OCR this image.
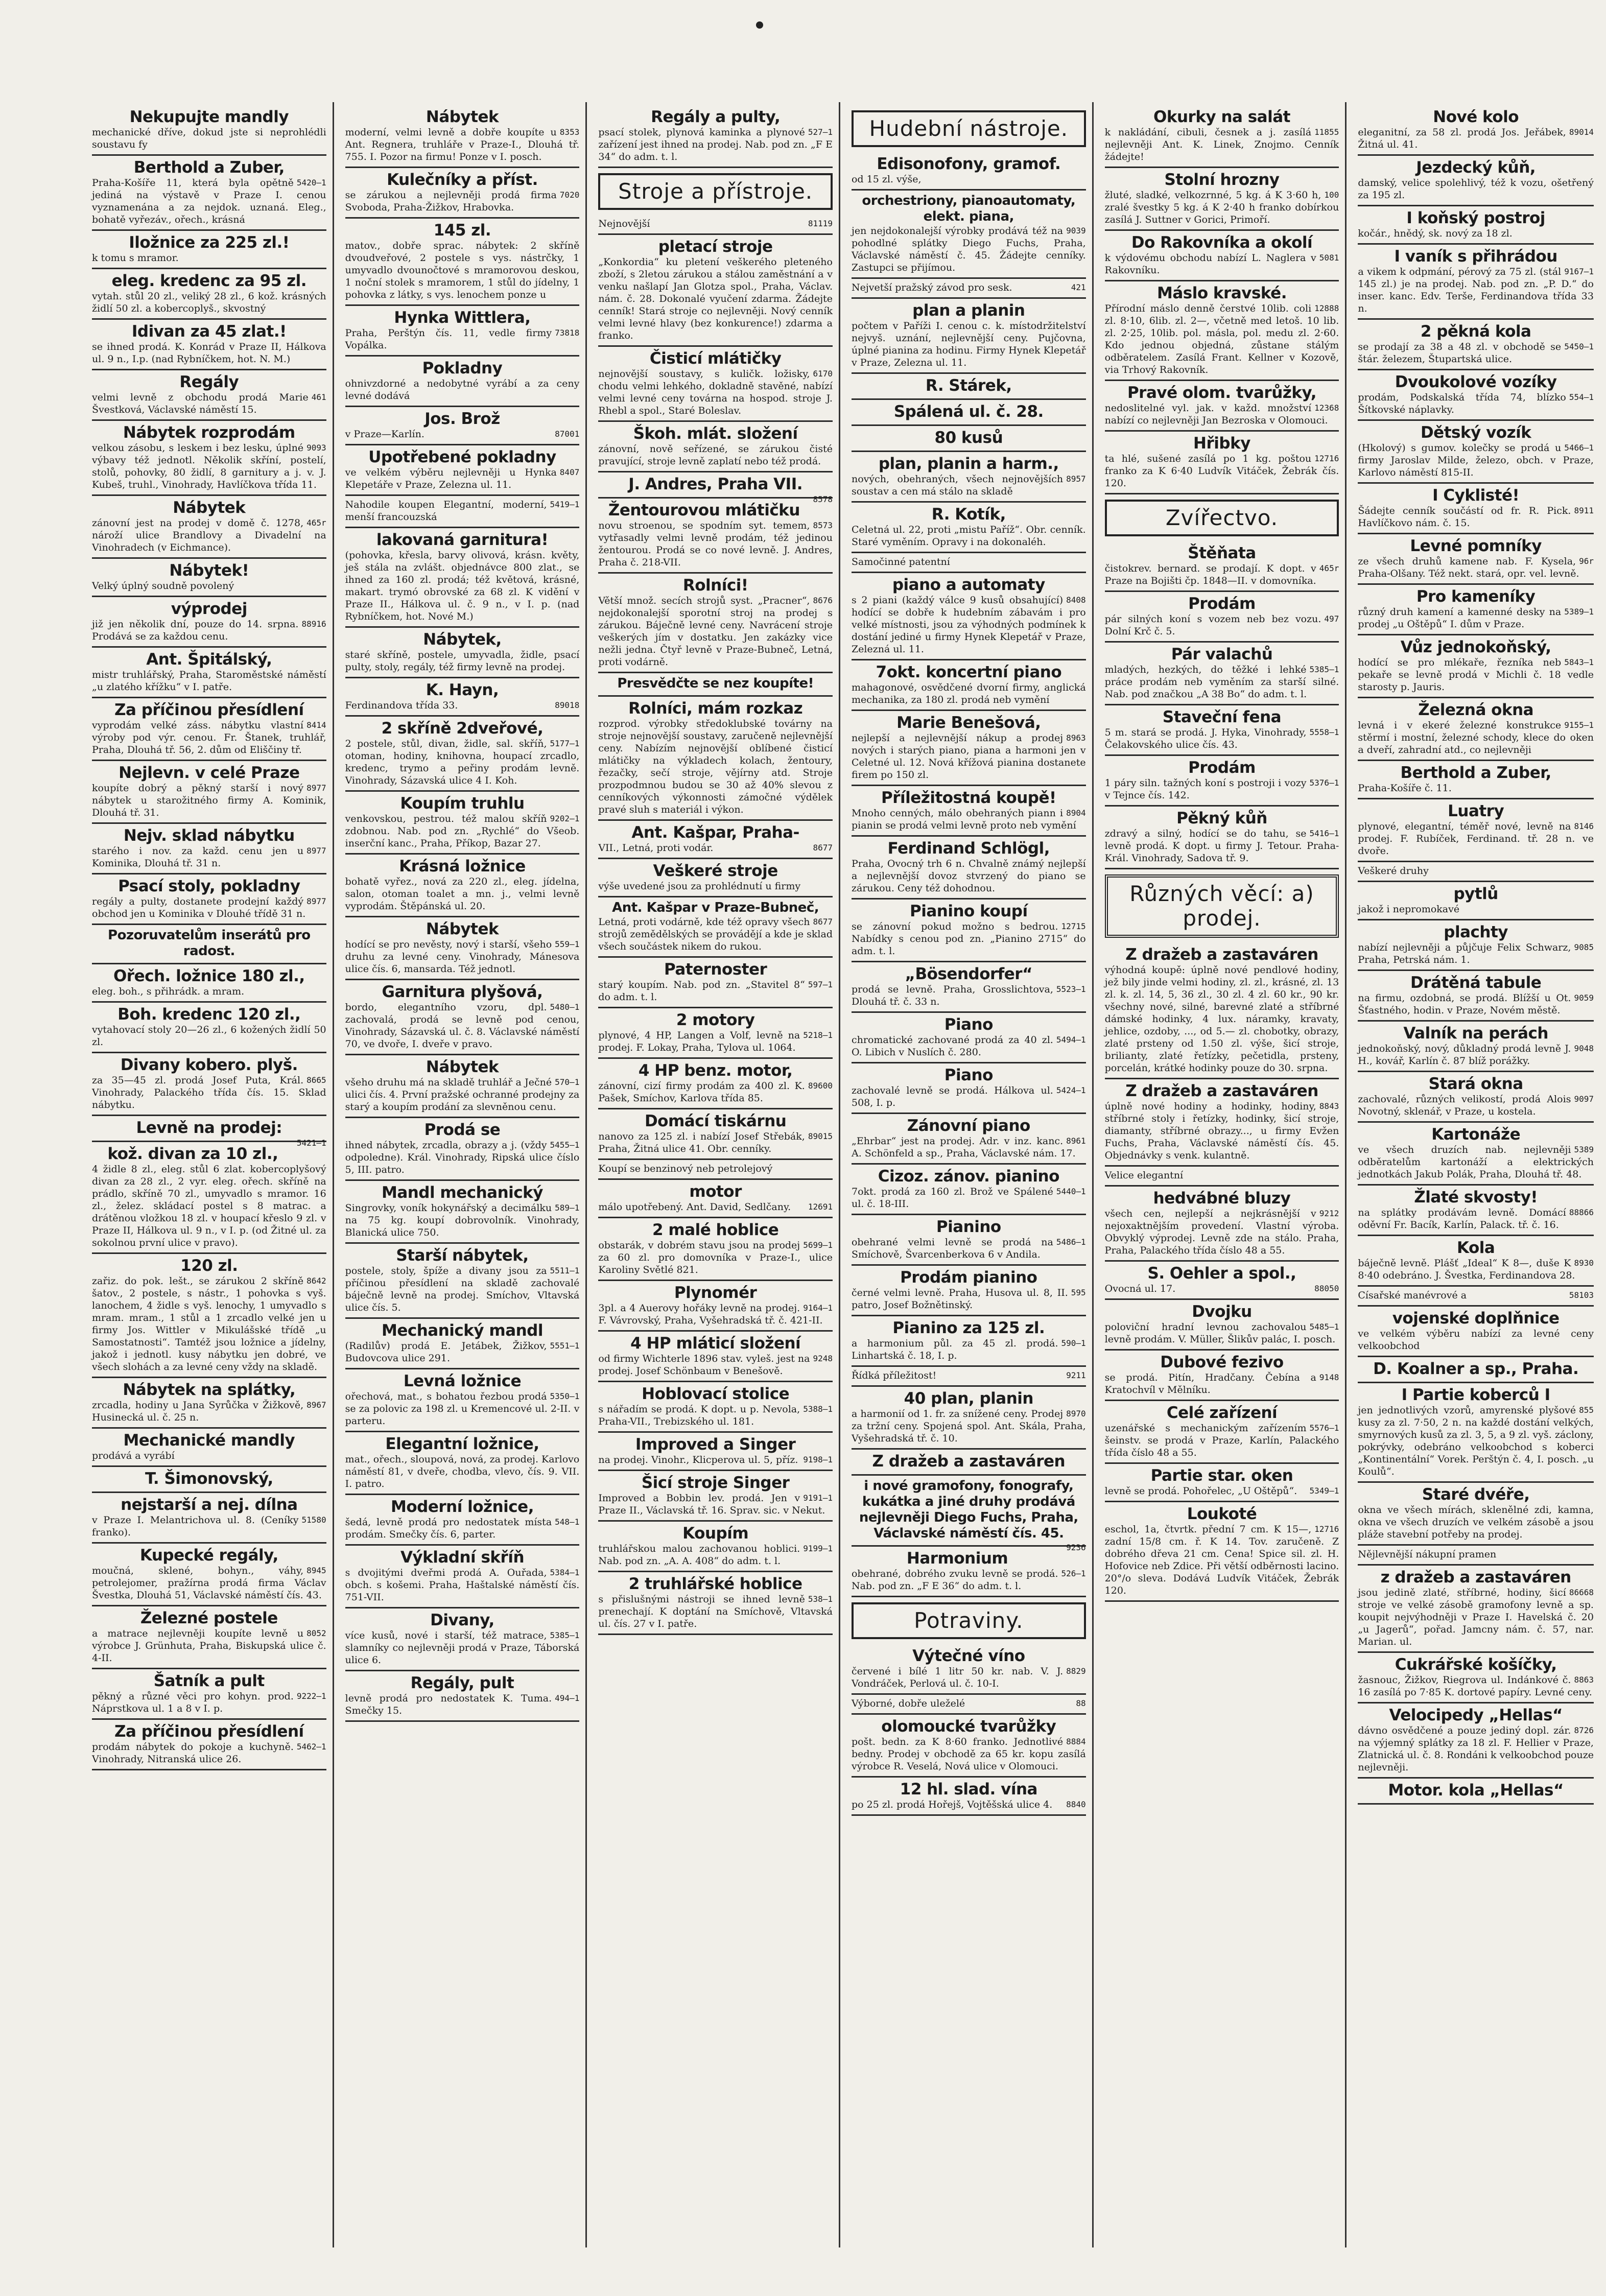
Nekupujte mandly
mechanické dříve, dokud jste si neprohlédli soustavu fy
Berthold a Zuber,
5420—1
Praha-Košíře 11, která byla opětně jediná na výstavě v Praze I. cenou vyznamenána a za nejdok. uznaná. Eleg., bohatě vyřezáv., ořech., krásná
Iložnice za 225 zl.!
k tomu s mramor.
eleg. kredenc za 95 zl.
vytah. stůl 20 zl., veliký 28 zl., 6 kož. krásných židlí 50 zl. a kobercoplyš., skvostný
Idivan za 45 zlat.!
se ihned prodá. K. Konrád v Praze II, Hálkova ul. 9 n., I.p. (nad Rybníčkem, hot. N. M.)
Regály
461
velmi levně z obchodu prodá Marie Švestková, Václavské náměstí 15.
Nábytek rozprodám
9093
velkou zásobu, s leskem i bez lesku, úplné výbavy též jednotl. Několik skříní, postelí, stolů, pohovky, 80 židlí, 8 garnitury a j. v. J. Kubeš, truhl., Vinohrady, Havlíčkova třída 11.
Nábytek
465r
zánovní jest na prodej v domě č. 1278, nároží ulice Brandlovy a Divadelní na Vinohradech (v Eichmance).
Nábytek!
Velký úplný soudně povolený
výprodej
88916
již jen několik dní, pouze do 14. srpna. Prodává se za každou cenu.
Ant. Špitálský,
mistr truhlářský, Praha, Staroměstské náměstí „u zlatého křížku“ v I. patře.
Za příčinou přesídlení
8414
vyprodám velké záss. nábytku vlastní výroby pod výr. cenou. Fr. Štanek, truhlář, Praha, Dlouhá tř. 56, 2. dům od Eliščiny tř.
Nejlevn. v celé Praze
8977
koupíte dobrý a pěkný starší i nový nábytek u starožitného firmy A. Kominik, Dlouhá tř. 31.
Nejv. sklad nábytku
8977
starého i nov. za každ. cenu jen u Kominika, Dlouhá tř. 31 n.
Psací stoly, pokladny
8977
regály a pulty, dostanete prodejní každý obchod jen u Kominika v Dlouhé třídě 31 n.
Pozoruvatelům inserátů pro radost.
Ořech. ložnice 180 zl.,
eleg. boh., s přihrádk. a mram.
Boh. kredenc 120 zl.,
vytahovací stoly 20—26 zl., 6 kožených židlí 50 zl.
Divany kobero. plyš.
8665
za 35—45 zl. prodá Josef Puta, Král. Vinohrady, Palackého třída čís. 15. Sklad nábytku.
Levně na prodej:
5421—1
kož. divan za 10 zl.,
4 židle 8 zl., eleg. stůl 6 zlat. kobercoplyšový divan za 28 zl., 2 vyr. eleg. ořech. skříně na prádlo, skříně 70 zl., umyvadlo s mramor. 16 zl., želez. skládací postel s 8 matrac. a drátěnou vložkou 18 zl. v houpací křeslo 9 zl. v Praze II, Hálkova ul. 9 n., v I. p. (od Žitné ul. za sokolnou první ulice v pravo).
120 zl.
8642
zařiz. do pok. lešt., se zárukou 2 skříně šatov., 2 postele, s nástr., 1 pohovka s vyš. lanochem, 4 židle s vyš. lenochy, 1 umyvadlo s mram. mram., 1 stůl a 1 zrcadlo velké jen u firmy Jos. Wittler v Mikulášské třídě „u Samostatnosti“. Tamtéž jsou ložnice a jídelny, jakož i jednotl. kusy nábytku jen dobré, ve všech slohách a za levné ceny vždy na skladě.
Nábytek na splátky,
8967
zrcadla, hodiny u Jana Syrůčka v Žižkově, Husinecká ul. č. 25 n.
Mechanické mandly
prodává a vyrábí
T. Šimonovský,
nejstarší a nej. dílna
51580
v Praze I. Melantrichova ul. 8. (Ceníky franko).
Kupecké regály,
8945
moučná, sklené, bohyn., váhy, petrolejomer, pražírna prodá firma Václav Švestka, Dlouhá 51, Václavské náměstí čís. 43.
Železné postele
8052
a matrace nejlevněji koupíte levně u výrobce J. Grünhuta, Praha, Biskupská ulice č. 4-II.
Šatník a pult
9222—1
pěkný a různé věci pro kohyn. prod. Náprstkova ul. 1 a 8 v I. p.
Za příčinou přesídlení
5462—1
prodám nábytek do pokoje a kuchyně. Vinohrady, Nitranská ulice 26.
Nábytek
8353
moderní, velmi levně a dobře koupíte u Ant. Regnera, truhláře v Praze-I., Dlouhá tř. 755. I. Pozor na firmu! Ponze v I. posch.
Kulečníky a příst.
7020
se zárukou a nejlevněji prodá firma Svoboda, Praha-Žižkov, Hrabovka.
145 zl.
matov., dobře sprac. nábytek: 2 skříně dvoudveřové, 2 postele s vys. nástrčky, 1 umyvadlo dvounočtové s mramorovou deskou, 1 noční stolek s mramorem, 1 stůl do jídelny, 1 pohovka z látky, s vys. lenochem ponze u
Hynka Wittlera,
73818
Praha, Perštýn čís. 11, vedle firmy Vopálka.
Pokladny
ohnivzdorné a nedobytné vyrábí a za ceny levné dodává
Jos. Brož
87001
v Praze—Karlín.
Upotřebené pokladny
8407
ve velkém výběru nejlevněji u Hynka Klepetáře v Praze, Zelezna ul. 11.
5419—1
Nahodile koupen Elegantní, moderní, menší francouzská
lakovaná garnitura!
(pohovka, křesla, barvy olivová, krásn. květy, ješ stála na zvlášt. objednávce 800 zlat., se ihned za 160 zl. prodá; též květová, krásné, makart. trymó obrovské za 68 zl. K vidění v Praze II., Hálkova ul. č. 9 n., v I. p. (nad Rybníčkem, hot. Nové M.)
Nábytek,
staré skříně, postele, umyvadla, židle, psací pulty, stoly, regály, též firmy levně na prodej.
K. Hayn,
89018
Ferdinandova třída 33.
2 skříně 2dveřové,
5177—1
2 postele, stůl, divan, židle, sal. skříň, otoman, hodiny, knihovna, houpací zrcadlo, kredenc, trymo a peřiny prodám levně. Vinohrady, Sázavská ulice 4 I. Koh.
Koupím truhlu
9202—1
venkovskou, pestrou. též malou skříň zdobnou. Nab. pod zn. „Rychlé“ do Všeob. inserční kanc., Praha, Příkop, Bazar 27.
Krásná ložnice
bohatě vyřez., nová za 220 zl., eleg. jídelna, salon, otoman toalet a mn. j., velmi levně vyprodám. Štěpánská ul. 20.
Nábytek
559—1
hodící se pro nevěsty, nový i starší, všeho druhu za levné ceny. Vinohrady, Mánesova ulice čís. 6, mansarda. Též jednotl.
Garnitura plyšová,
5480—1
bordo, elegantního vzoru, dpl. zachovalá, prodá se levně pod cenou, Vinohrady, Sázavská ul. č. 8. Václavské náměstí 70, ve dvoře, I. dveře v pravo.
Nábytek
570—1
všeho druhu má na skladě truhlář a Ječné ulici čís. 4. První pražské ochranné prodejny za starý a koupím prodání za slevněnou cenu.
Prodá se
5455—1
ihned nábytek, zrcadla, obrazy a j. (vždy odpoledne). Král. Vinohrady, Ripská ulice číslo 5, III. patro.
Mandl mechanický
589—1
Singrovky, voník hokynářský a decimálku na 75 kg. koupí dobrovolník. Vinohrady, Blanická ulice 750.
Starší nábytek,
5511—1
postele, stoly, špíže a divany jsou za příčinou přesídlení na skladě zachovalé báječně levně na prodej. Smíchov, Vltavská ulice čís. 5.
Mechanický mandl
5551—1
(Radilův) prodá E. Jetábek, Žižkov, Budovcova ulice 291.
Levná ložnice
5350—1
ořechová, mat., s bohatou řezbou prodá se za polovic za 198 zl. u Kremencové ul. 2-II. v parteru.
Elegantní ložnice,
mat., ořech., sloupová, nová, za prodej. Karlovo náměstí 81, v dveře, chodba, vlevo, čís. 9. VII. I. patro.
Moderní ložnice,
548—1
šedá, levně prodá pro nedostatek místa prodám. Smečky čís. 6, parter.
Výkladní skříň
5384—1
s dvojitými dveřmi prodá A. Ouřada, obch. s košemi. Praha, Haštalské náměstí čís. 751-VII.
Divany,
5385—1
více kusů, nové i starší, též matrace, slamníky co nejlevněji prodá v Praze, Táborská ulice 6.
Regály, pult
494—1
levně prodá pro nedostatek K. Tuma. Smečky 15.
Regály a pulty,
527—1
psací stolek, plynová kaminka a plynové zařízení jest ihned na prodej. Nab. pod zn. „F E 34“ do adm. t. l.
Stroje a přístroje.
81119
Nejnovější
pletací stroje
„Konkordia“ ku pletení veškerého pleteného zboží, s 2letou zárukou a stálou zaměstnání a v venku našlapí Jan Glotza spol., Praha, Václav. nám. č. 28. Dokonalé vyučení zdarma. Žádejte cenník! Stará stroje co nejlevněji. Nový cenník velmi levné hlavy (bez konkurence!) zdarma a franko.
Čisticí mlátičky
6170
nejnovější soustavy, s kuličk. ložisky, chodu velmi lehkého, dokladně stavěné, nabízí velmi levné ceny továrna na hospod. stroje J. Rhebl a spol., Staré Boleslav.
Škoh. mlát. složení
zánovní, nově seřízené, se zárukou čisté pravující, stroje levně zaplatí nebo též prodá.
J. Andres, Praha VII.
8578
Žentourovou mlátičku
8573
novu stroenou, se spodním syt. temem, vytřasadly velmi levně prodám, též jedinou žentourou. Prodá se co nové levně. J. Andres, Praha č. 218-VII.
Rolníci!
8676
Větší množ. secích strojů syst. „Pracner“, nejdokonalejší sporotní stroj na prodej s zárukou. Báječně levné ceny. Navrácení stroje veškerých jím v dostatku. Jen zakázky vice nežli jedna. Čtyř levně v Praze-Bubneč, Letná, proti vodárně.
Presvědčte se nez koupíte!
Rolníci, mám rozkaz
rozprod. výrobky středoklubské továrny na stroje nejnovější soustavy, zaručeně nejlevnější ceny. Nabízím nejnovější oblíbené čisticí mlátičky na výkladech kolach, žentoury, řezačky, sečí stroje, vějírny atd. Stroje prozpodmnou budou se 30 až 40% slevou z cenníkových výkonnosti zámočné výdělek pravé sluh s materiál i výkon.
Ant. Kašpar, Praha-
8677
VII., Letná, proti vodár.
Veškeré stroje
výše uvedené jsou za prohlédnutí u firmy
Ant. Kašpar v Praze-Bubneč,
8677
Letná, proti vodárně, kde též opravy všech strojů zemědělských se provádějí a kde je sklad všech součástek nikem do rukou.
Paternoster
597—1
starý koupím. Nab. pod zn. „Stavitel 8“ do adm. t. l.
2 motory
5218—1
plynové, 4 HP, Langen a Volf, levně na prodej. F. Lokay, Praha, Tylova ul. 1064.
4 HP benz. motor,
89600
zánovní, cizí firmy prodám za 400 zl. K. Pašek, Smíchov, Karlova třída 85.
Domácí tiskárnu
89015
nanovo za 125 zl. i nabízí Josef Střebák, Praha, Žitná ulice 41. Obr. cenníky.
Koupí se benzinový neb petrolejový
motor
12691
málo upotřebený. Ant. David, Sedlčany.
2 malé hoblice
5699—1
obstarák, v dobrém stavu jsou na prodej za 60 zl. pro domovníka v Praze-I., ulice Karoliny Světlé 821.
Plynomér
9164—1
3pl. a 4 Auerovy hořáky levně na prodej. F. Vávrovský, Praha, Vyšehradská tř. č. 421-II.
4 HP mláticí složení
9248
od firmy Wichterle 1896 stav. vyleš. jest na prodej. Josef Schönbaum v Benešově.
Hoblovací stolice
5388—1
s nářadím se prodá. K dopt. u p. Nevola, Praha-VII., Trebizského ul. 181.
Improved a Singer
9198—1
na prodej. Vinohr., Klicperova ul. 5, příz.
Šicí stroje Singer
9191—1
Improved a Bobbin lev. prodá. Jen v Praze II., Václavská tř. 16. Sprav. sic. v Nekut.
Koupím
9199—1
truhlářskou malou zachovanou hoblici. Nab. pod zn. „A. A. 408“ do adm. t. l.
2 truhlářské hoblice
538—1
s přislušnými nástroji se ihned levně prenechají. K doptání na Smíchově, Vltavská ul. čís. 27 v I. patře.
Hudební nástroje.
Edisonofony, gramof.
od 15 zl. výše,
orchestriony, pianoautomaty, elekt. piana,
9039
jen nejdokonalejší výrobky prodává též na pohodlné splátky Diego Fuchs, Praha, Václavské náměstí č. 45. Žádejte cenníky. Zastupci se přijímou.
421
Nejvetší pražský závod pro sesk.
plan a planin
počtem v Paříži I. cenou c. k. místodržitelství nejvyš. uznání, nejlevnější ceny. Pujčovna, úplné pianina za hodinu. Firmy Hynek Klepetář v Praze, Zelezna ul. 11.
R. Stárek,
Spálená ul. č. 28.
80 kusů
plan, planin a harm.,
8957
nových, obehraných, všech nejnovějších soustav a cen má stálo na skladě
R. Kotík,
Celetná ul. 22, proti „mistu Paříž“. Obr. cenník. Staré vyměním. Opravy i na dokonaléh.
Samočinné patentní
piano a automaty
8408
s 2 piani (každý válce 9 kusů obsahující) hodící se dobře k hudebním zábavám i pro velké místnosti, jsou za výhodných podmínek k dostání jediné u firmy Hynek Klepetář v Praze, Zelezná ul. 11.
7okt. koncertní piano
mahagonové, osvědčené dvorní firmy, anglická mechanika, za 180 zl. prodá neb vymění
Marie Benešová,
8963
nejlepší a nejlevnější nákup a prodej nových i starých piano, piana a harmoni jen v Celetné ul. 12. Nová křížová pianina dostanete firem po 150 zl.
Příležitostná koupě!
8904
Mnoho cenných, málo obehraných piann i pianin se prodá velmi levně proto neb vymění
Ferdinand Schlögl,
Praha, Ovocný trh 6 n. Chvalně známý nejlepší a nejlevnější dovoz stvrzený do piano se zárukou. Ceny též dohodnou.
Pianino koupí
12715
se zánovní pokud možno s bedrou. Nabídky s cenou pod zn. „Pianino 2715“ do adm. t. l.
„Bösendorfer“
5523—1
prodá se levně. Praha, Grosslichtova, Dlouhá tř. č. 33 n.
Piano
5494—1
chromatické zachované prodá za 40 zl. O. Libich v Nuslích č. 280.
Piano
5424—1
zachovalé levně se prodá. Hálkova ul. 508, I. p.
Zánovní piano
8961
„Ehrbar“ jest na prodej. Adr. v inz. kanc. A. Schönfeld a sp., Praha, Václavské nám. 17.
Cizoz. zánov. pianino
5440—1
7okt. prodá za 160 zl. Brož ve Spálené ul. č. 18-III.
Pianino
5486—1
obehrané velmi levně se prodá na Smíchově, Švarcenberkova 6 v Andila.
Prodám pianino
595
černé velmi levně. Praha, Husova ul. 8, II. patro, Josef Božnětinský.
Pianino za 125 zl.
590—1
a harmonium půl. za 45 zl. prodá. Linhartská č. 18, I. p.
9211
Řídká příležitost!
40 plan, planin
8970
a harmonií od 1. fr. za snížené ceny. Prodej za tržní ceny. Spojená spol. Ant. Skála, Praha, Vyšehradská tř. č. 10.
Z dražeb a zastaváren
i nové gramofony, fonografy, kukátka a jiné druhy prodává nejlevněji Diego Fuchs, Praha, Václavské náměstí čís. 45.
9236
Harmonium
526—1
obehrané, dobrého zvuku levně se prodá. Nab. pod zn. „F E 36“ do adm. t. l.
Potraviny.
Výtečné víno
8829
červené i bílé 1 litr 50 kr. nab. V. J. Vondráček, Perlová ul. č. 10-I.
88
Výborné, dobře uleželé
olomoucké tvarůžky
8884
pošt. bedn. za K 8·60 franko. Jednotlivé bedny. Prodej v obchodě za 65 kr. kopu zasílá výrobce R. Veselá, Nová ulice v Olomouci.
12 hl. slad. vína
8840
po 25 zl. prodá Hořejš, Vojtěšská ulice 4.
Okurky na salát
11855
k nakládání, cibuli, česnek a j. zasílá nejlevněji Ant. K. Linek, Znojmo. Cenník žádejte!
Stolní hrozny
100
žluté, sladké, velkozrnné, 5 kg. á K 3·60 h, zralé švestky 5 kg. á K 2·40 h franko dobírkou zasílá J. Suttner v Gorici, Primoří.
Do Rakovníka a okolí
5081
k výdovému obchodu nabízí L. Naglera v Rakovníku.
Máslo kravské.
12888
Přírodní máslo denně čerstvé 10lib. coli zl. 8·10, 6lib. zl. 2—, včetně med letoš. 10 lib. zl. 2·25, 10lib. pol. másla, pol. medu zl. 2·60. Kdo jednou objedná, zůstane stálým odběratelem. Zasílá Frant. Kellner v Kozově, via Trhový Rakovník.
Pravé olom. tvarůžky,
12368
nedoslitelné vyl. jak. v každ. množství nabízí co nejlevněji Jan Bezroska v Olomouci.
Hřibky
12716
ta hlé, sušené zasílá po 1 kg. poštou franko za K 6·40 Ludvík Vitáček, Žebrák čís. 120.
Zvířectvo.
Štěňata
465r
čistokrev. bernard. se prodají. K dopt. v Praze na Bojišti čp. 1848—II. v domovníka.
Prodám
497
pár silných koní s vozem neb bez vozu. Dolní Krč č. 5.
Pár valachů
5385—1
mladých, hezkých, do těžké i lehké práce prodám neb vyměním za starší silné. Nab. pod značkou „A 38 Bo“ do adm. t. l.
Staveční fena
5558—1
5 m. stará se prodá. J. Hyka, Vinohrady, Čelakovského ulice čís. 43.
Prodám
5376—1
1 páry siln. tažných koní s postroji i vozy v Tejnce čís. 142.
Pěkný kůň
5416—1
zdravý a silný, hodící se do tahu, se levně prodá. K dopt. u firmy J. Tetour. Praha-Král. Vinohrady, Sadova tř. 9.
Různých věcí: a) prodej.
Z dražeb a zastaváren
výhodná koupě: úplně nové pendlové hodiny, jež bily jinde velmi hodiny, zl. zl., krásné, zl. 13 zl. k. zl. 14, 5, 36 zl., 30 zl. 4 zl. 60 kr., 90 kr. všechny nové, silné, barevné zlaté a stříbrné dámské hodinky, 4 lux. náramky, kravaty, jehlice, ozdoby, ..., od 5.— zl. chobotky, obrazy, zlaté prsteny od 1.50 zl. výše, šicí stroje, brilianty, zlaté řetízky, pečetidla, prsteny, porcelán, krátké hodinky pouze do 30. srpna.
Z dražeb a zastaváren
8843
úplně nové hodiny a hodinky, hodiny, stříbrné stoly i řetízky, hodinky, šicí stroje, diamanty, stříbrné obrazy..., u firmy Evžen Fuchs, Praha, Václavské náměstí čís. 45. Objednávky s venk. kulantně.
Velice elegantní
hedvábné bluzy
9212
všech cen, nejlepší a nejkrásnější v nejoxaktnějším provedení. Vlastní výroba. Obvyklý výprodej. Levně zde na stálo. Praha, Praha, Palackého třída číslo 48 a 55.
S. Oehler a spol.,
88050
Ovocná ul. 17.
Dvojku
5485—1
poloviční hradní levnou zachovalou levně prodám. V. Müller, Šlikův palác, I. posch.
Dubové fezivo
9148
se prodá. Pitín, Hradčany. Čebína a Kratochvíl v Mělníku.
Celé zařízení
5576—1
uzenářské s mechanickým zařízením šeinstv. se prodá v Praze, Karlín, Palackého třída číslo 48 a 55.
Partie star. oken
5349—1
levně se prodá. Pohořelec, „U Oštěpů“.
Loukoté
12716
eschol, 1a, čtvrtk. přední 7 cm. K 15—, zadní 15/8 cm. ř. K 14. Tov. zaručeně. Z dobrého dřeva 21 cm. Cena! Spice sil. zl. H. Hofovice neb Zdice. Při větší odběrnosti lacino. 20°/o sleva. Dodává Ludvík Vitáček, Žebrák 120.
Nové kolo
89014
eleganitní, za 58 zl. prodá Jos. Jeřábek, Žitná ul. 41.
Jezdecký kůň,
damský, velice spolehlivý, též k vozu, ošetřený za 195 zl.
I koňský postroj
kočár., hnědý, sk. nový za 18 zl.
I vaník s přihrádou
9167—1
a vikem k odpmání, pérový za 75 zl. (stál 145 zl.) je na prodej. Nab. pod zn. „P. D.“ do inser. kanc. Edv. Terše, Ferdinandova třída 33 n.
2 pěkná kola
5450—1
se prodají za 38 a 48 zl. v obchodě se štár. železem, Štupartská ulice.
Dvoukolové vozíky
554—1
prodám, Podskalská třída 74, blízko Šítkovské náplavky.
Dětský vozík
5466—1
(Hkolový) s gumov. kolečky se prodá u firmy Jaroslav Milde, železo, obch. v Praze, Karlovo náměstí 815-II.
I Cyklisté!
8911
Šádejte cenník součástí od fr. R. Pick. Havlíčkovo nám. č. 15.
Levné pomníky
96r
ze všech druhů kamene nab. F. Kysela, Praha-Olšany. Též nekt. stará, opr. vel. levně.
Pro kameníky
5389—1
různý druh kamení a kamenné desky na prodej „u Oštěpů“ I. dům v Praze.
Vůz jednokoňský,
5843—1
hodící se pro mlékaře, řezníka neb pekaře se levně prodá v Michli č. 18 vedle starosty p. Jauris.
Železná okna
9155—1
levná i v ekeré železné konstrukce stěrmí i mostní, železné schody, klece do oken a dveří, zahradní atd., co nejlevněji
Berthold a Zuber,
Praha-Košíře č. 11.
Luatry
8146
plynové, elegantní, téměř nové, levně na prodej. F. Rubíček, Ferdinand. tř. 28 n. ve dvoře.
Veškeré druhy
pytlů
jakož i nepromokavé
plachty
9085
nabízí nejlevněji a půjčuje Felix Schwarz, Praha, Petrská nám. 1.
Drátěná tabule
9059
na firmu, ozdobná, se prodá. Blížší u Ot. Šťastného, hodin. v Praze, Novém městě.
Valník na perách
9048
jednokoňský, nový, důkladný prodá levně J. H., kovář, Karlín č. 87 blíž porážky.
Stará okna
9097
zachovalé, různých velikostí, prodá Alois Novotný, sklenář, v Praze, u kostela.
Kartonáže
5389
ve všech druzích nab. nejlevněji odběratelům kartonáží a elektrických jednotkách Jakub Polák, Praha, Dlouhá tř. 48.
Žlaté skvosty!
88866
na splátky prodávám levně. Domácí oděvní Fr. Bacík, Karlín, Palack. tř. č. 16.
Kola
8930
báječně levně. Plášť „Ideal“ K 8—, duše K 8·40 odebráno. J. Švestka, Ferdinandova 28.
58103
Císařské manévrové a
vojenské doplňnice
ve velkém výběru nabízí za levné ceny velkoobchod
D. Koalner a sp., Praha.
I Partie koberců I
855
jen jednotlivých vzorů, amyrenské plyšové kusy za zl. 7·50, 2 n. na každé dostání velkých, smyrnových kusů za zl. 3, 5, a 9 zl. vyš. záclony, pokrývky, odebráno velkoobchod s koberci „Kontinentální“ Vorek. Perštýn č. 4, I. posch. „u Koulů“.
Staré dvéře,
okna ve všech mírách, sklenělné zdi, kamna, okna ve všech druzích ve velkém zásobě a jsou pláže stavební potřeby na prodej.
Nějlevnější nákupní pramen
z dražeb a zastaváren
86668
jsou jedině zlaté, stříbrné, hodiny, šicí stroje ve velké zásobě gramofony levně a sp. koupit nejvýhodněji v Praze I. Havelská č. 20 „u Jagerů“, pořad. Jamcny nám. č. 57, nar. Marian. ul.
Cukrářské košíčky,
8863
žasnouc, Žižkov, Riegrova ul. Indánkové č. 16 zasílá po 7·85 K. dortové papíry. Levné ceny.
Velocipedy „Hellas“
8726
dávno osvědčené a pouze jediný dopl. zár. na výjemný splátky za 18 zl. F. Hellier v Praze, Zlatnická ul. č. 8. Rondáni k velkoobchod pouze nejlevněji.
Motor. kola „Hellas“
